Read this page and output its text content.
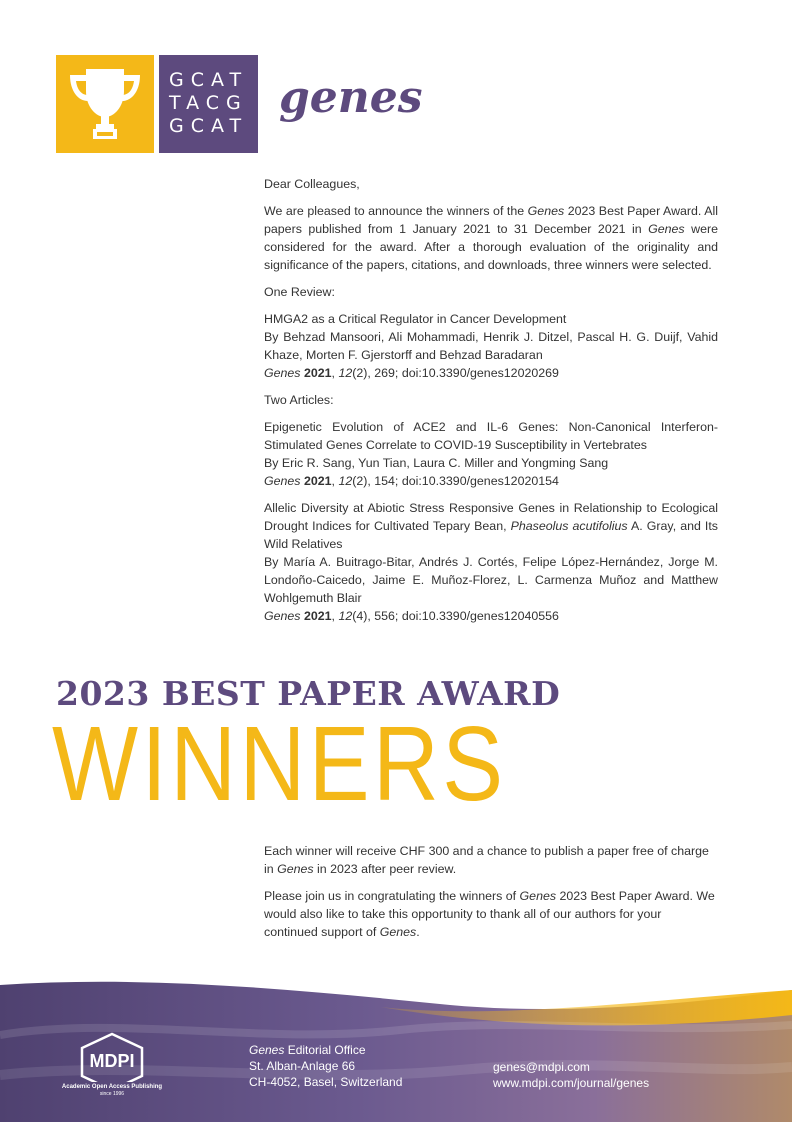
GCAT
TACG
GCAT
genes

Dear Colleagues,

We are pleased to announce the winners of the Genes 2023 Best Paper Award. All papers published from 1 January 2021 to 31 December 2021 in Genes were considered for the award. After a thorough evaluation of the originality and significance of the papers, citations, and downloads, three winners were selected.

One Review:

HMGA2 as a Critical Regulator in Cancer Development
By Behzad Mansoori, Ali Mohammadi, Henrik J. Ditzel, Pascal H. G. Duijf, Vahid Khaze, Morten F. Gjerstorff and Behzad Baradaran
Genes 2021, 12(2), 269; doi:10.3390/genes12020269

Two Articles:

Epigenetic Evolution of ACE2 and IL-6 Genes: Non-Canonical Interferon-Stimulated Genes Correlate to COVID-19 Susceptibility in Vertebrates
By Eric R. Sang, Yun Tian, Laura C. Miller and Yongming Sang
Genes 2021, 12(2), 154; doi:10.3390/genes12020154
Allelic Diversity at Abiotic Stress Responsive Genes in Relationship to Ecological Drought Indices for Cultivated Tepary Bean, Phaseolus acutifolius A. Gray, and Its Wild Relatives
By María A. Buitrago-Bitar, Andrés J. Cortés, Felipe López-Hernández, Jorge M. Londoño-Caicedo, Jaime E. Muñoz-Florez, L. Carmenza Muñoz and Matthew Wohlgemuth Blair
Genes 2021, 12(4), 556; doi:10.3390/genes12040556
2023 BEST PAPER AWARD
WINNERS

Each winner will receive CHF 300 and a chance to publish a paper free of charge in Genes in 2023 after peer review.

Please join us in congratulating the winners of Genes 2023 Best Paper Award. We would also like to take this opportunity to thank all of our authors for your continued support of Genes.

MDPI
Academic Open Access Publishing
since 1996
Genes Editorial Office
St. Alban-Anlage 66
CH-4052, Basel, Switzerland
genes@mdpi.com
www.mdpi.com/journal/genes
